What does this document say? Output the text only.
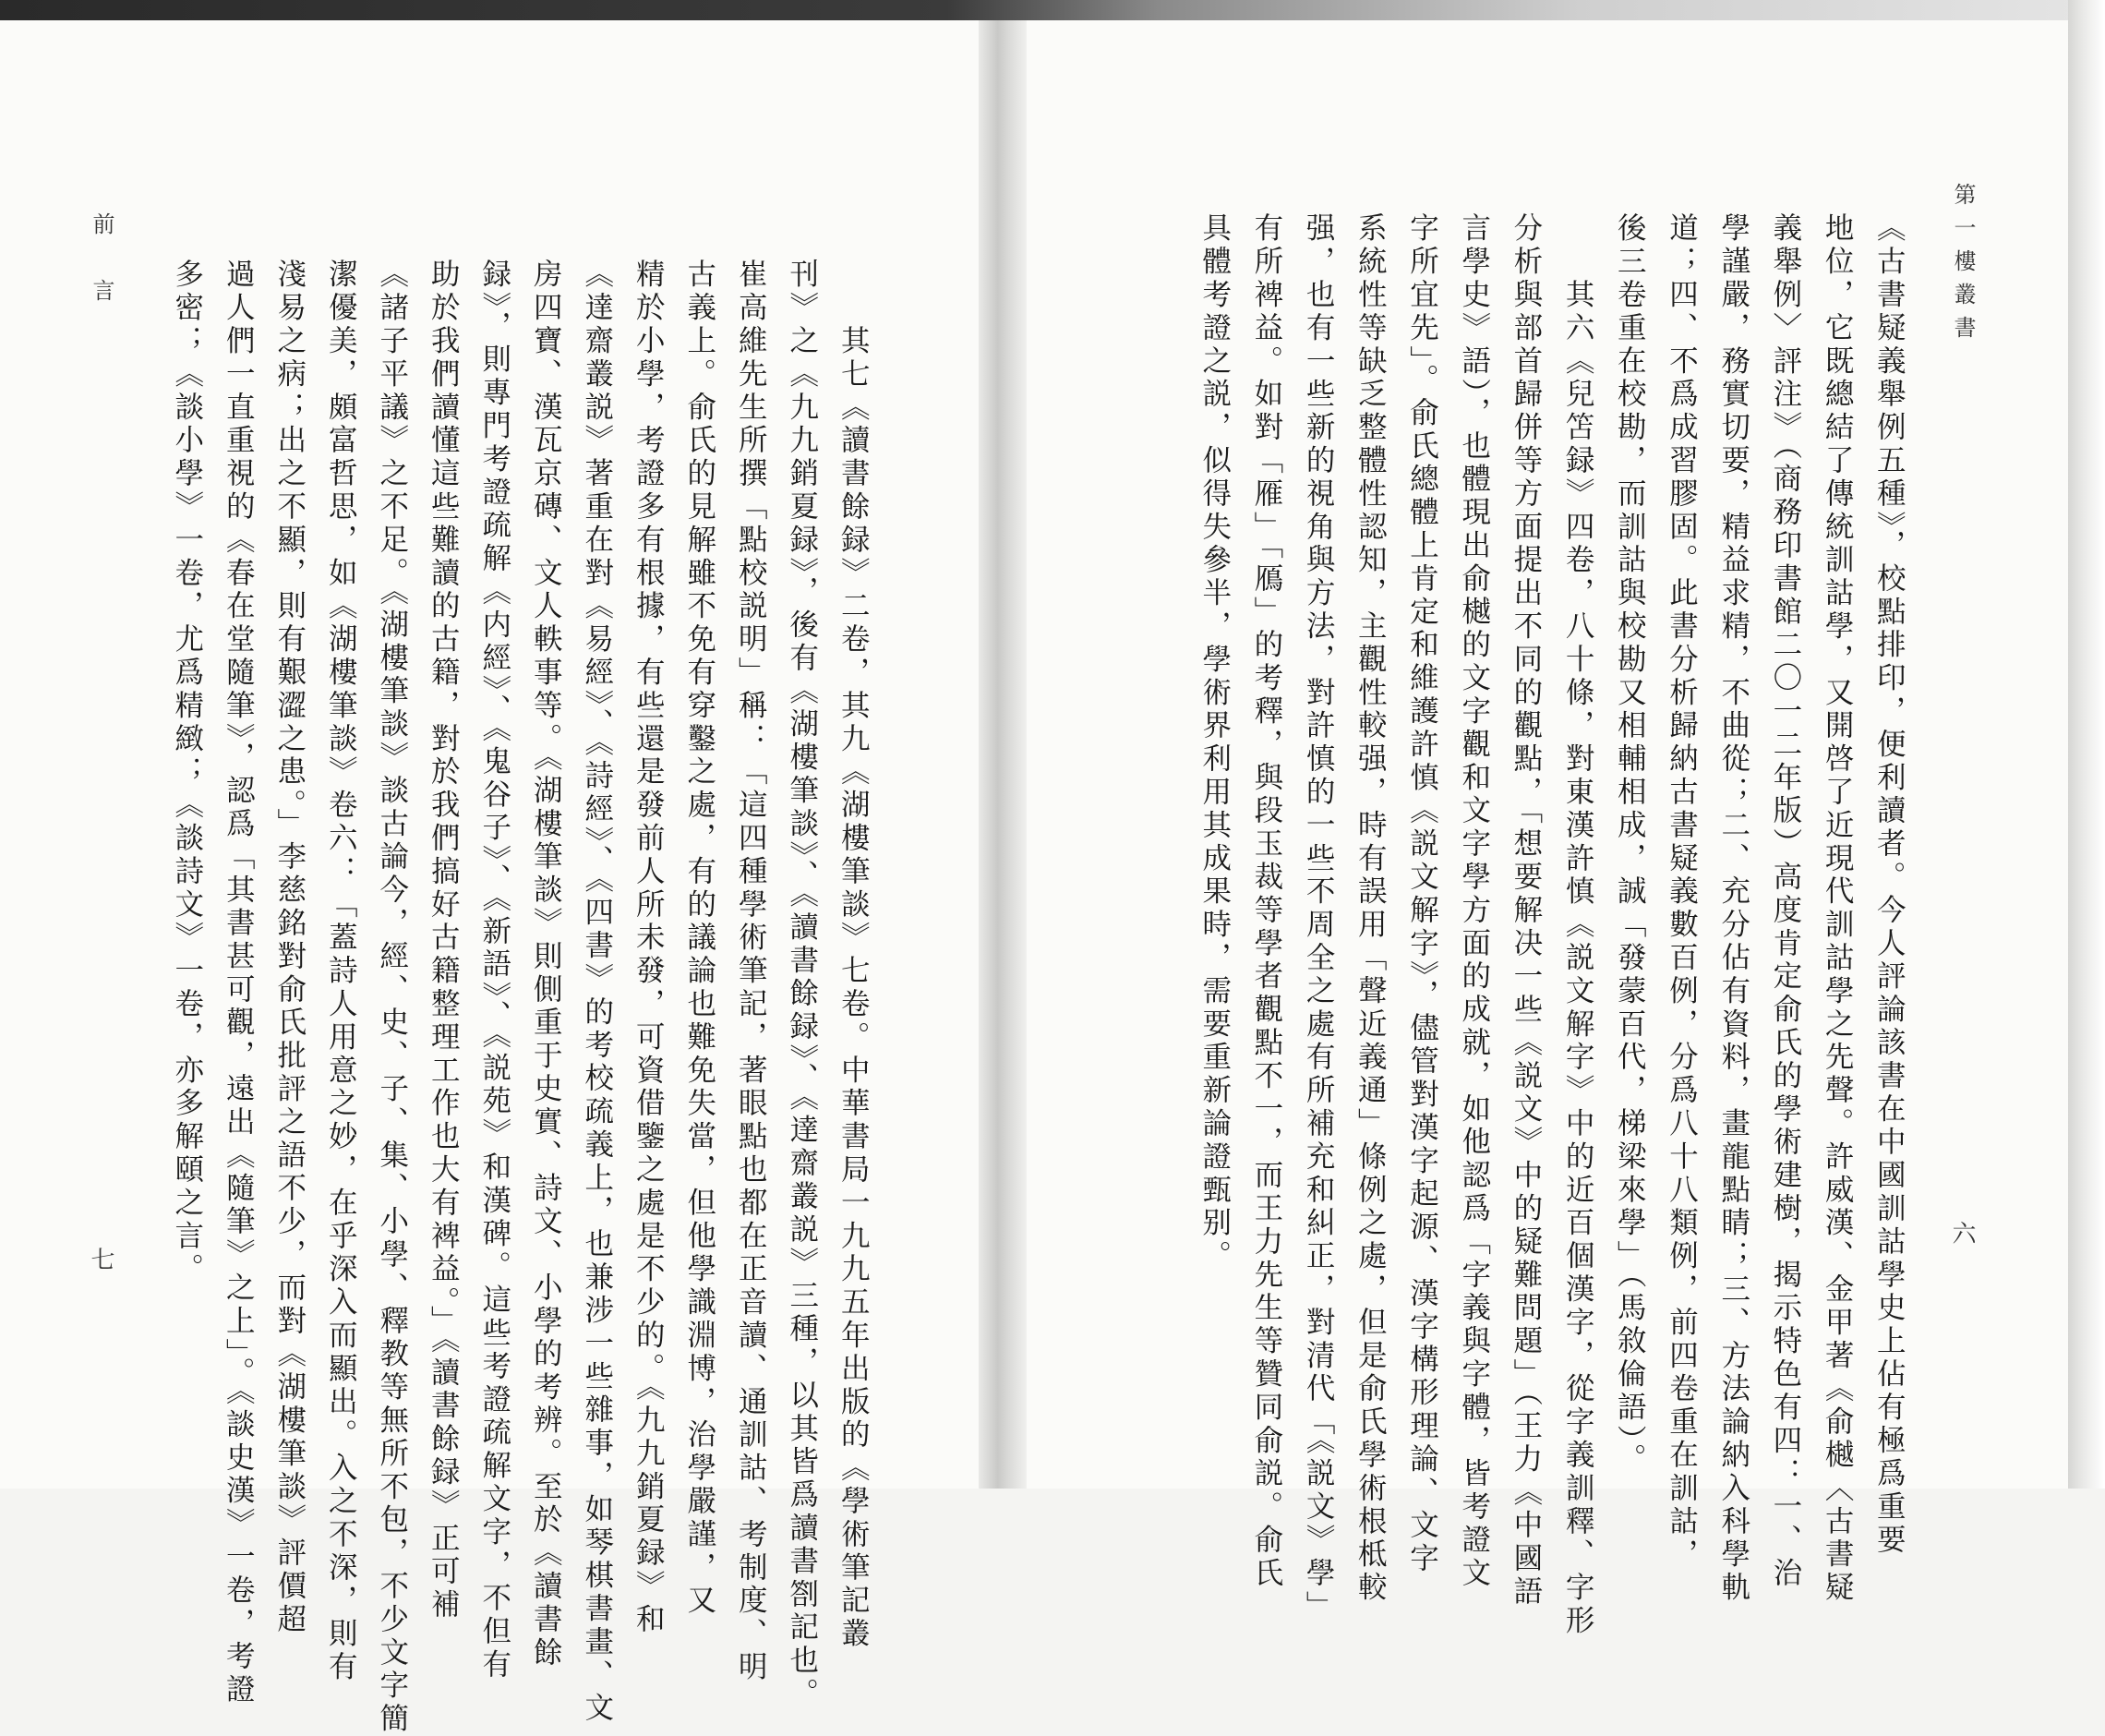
　　其七《讀書餘録》二卷，其九《湖樓筆談》七卷。中華書局一九九五年出版的《學術筆記叢
刊》之《九九銷夏録》，後有《湖樓筆談》、《讀書餘録》、《達齋叢説》三種，以其皆爲讀書劄記也。
崔高維先生所撰「點校説明」稱：「這四種學術筆記，著眼點也都在正音讀、通訓詁、考制度、明
古義上。俞氏的見解雖不免有穿鑿之處，有的議論也難免失當，但他學識淵博，治學嚴謹，又
精於小學，考證多有根據，有些還是發前人所未發，可資借鑒之處是不少的。《九九銷夏録》和
《達齋叢説》著重在對《易經》、《詩經》、《四書》的考校疏義上，也兼涉一些雜事，如琴棋書畫、文
房四寶、漢瓦京磚、文人軼事等。《湖樓筆談》則側重于史實、詩文、小學的考辨。至於《讀書餘
録》，則專門考證疏解《内經》、《鬼谷子》、《新語》、《説苑》和漢碑。這些考證疏解文字，不但有
助於我們讀懂這些難讀的古籍，對於我們搞好古籍整理工作也大有裨益。」《讀書餘録》正可補
《諸子平議》之不足。《湖樓筆談》談古論今，經、史、子、集、小學、釋教等無所不包，不少文字簡
潔優美，頗富哲思，如《湖樓筆談》卷六：「蓋詩人用意之妙，在乎深入而顯出。入之不深，則有
淺易之病；出之不顯，則有艱澀之患。」李慈銘對俞氏批評之語不少，而對《湖樓筆談》評價超
過人們一直重視的《春在堂隨筆》，認爲「其書甚可觀，遠出《隨筆》之上」。《談史漢》一卷，考證
多密；《談小學》一卷，尤爲精緻；《談詩文》一卷，亦多解頤之言。
前　言
七	《古書疑義舉例五種》，校點排印，便利讀者。今人評論該書在中國訓詁學史上佔有極爲重要
地位，它既總結了傳統訓詁學，又開啓了近現代訓詁學之先聲。許威漢、金甲著《俞樾〈古書疑
義舉例〉評注》（商務印書館二〇一二年版）高度肯定俞氏的學術建樹，揭示特色有四：一、治
學謹嚴，務實切要，精益求精，不曲從；二、充分佔有資料，畫龍點睛；三、方法論納入科學軌
道；四、不爲成習膠固。此書分析歸納古書疑義數百例，分爲八十八類例，前四卷重在訓詁，
後三卷重在校勘，而訓詁與校勘又相輔相成，誠「發蒙百代，梯梁來學」（馬敘倫語）。
　　其六《兒笘録》四卷，八十條，對東漢許慎《説文解字》中的近百個漢字，從字義訓釋、字形
分析與部首歸併等方面提出不同的觀點，「想要解决一些《説文》中的疑難問題」（王力《中國語
言學史》語），也體現出俞樾的文字觀和文字學方面的成就，如他認爲「字義與字體，皆考證文
字所宜先」。俞氏總體上肯定和維護許慎《説文解字》，儘管對漢字起源、漢字構形理論、文字
系統性等缺乏整體性認知，主觀性較强，時有誤用「聲近義通」條例之處，但是俞氏學術根柢較
强，也有一些新的視角與方法，對許慎的一些不周全之處有所補充和糾正，對清代「《説文》學」
有所裨益。如對「雁」「鴈」的考釋，與段玉裁等學者觀點不一，而王力先生等贊同俞説。俞氏
具體考證之説，似得失參半，學術界利用其成果時，需要重新論證甄别。	第一樓叢書
六
